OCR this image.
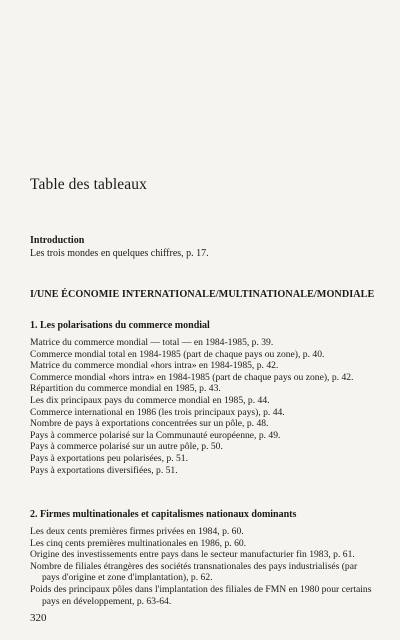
Table des tableaux
Introduction

Les trois mondes en quelques chiffres, p. 17.

I/UNE ÉCONOMIE INTERNATIONALE/MULTINATIONALE/MONDIALE
1. Les polarisations du commerce mondial
Matrice du commerce mondial — total — en 1984-1985, p. 39.
Commerce mondial total en 1984-1985 (part de chaque pays ou zone), p. 40.
Matrice du commerce mondial «hors intra» en 1984-1985, p. 42.
Commerce mondial «hors intra» en 1984-1985 (part de chaque pays ou zone), p. 42.
Répartition du commerce mondial en 1985, p. 43.
Les dix principaux pays du commerce mondial en 1985, p. 44.
Commerce international en 1986 (les trois principaux pays), p. 44.
Nombre de pays à exportations concentrées sur un pôle, p. 48.
Pays à commerce polarisé sur la Communauté européenne, p. 49.
Pays à commerce polarisé sur un autre pôle, p. 50.
Pays à exportations peu polarisées, p. 51.
Pays à exportations diversifiées, p. 51.
2. Firmes multinationales et capitalismes nationaux dominants
Les deux cents premières firmes privées en 1984, p. 60.
Les cinq cents premières multinationales en 1986, p. 60.
Origine des investissements entre pays dans le secteur manufacturier fin 1983, p. 61.
Nombre de filiales étrangères des sociétés transnationales des pays industrialisés (par pays d'origine et zone d'implantation), p. 62.
Poids des principaux pôles dans l'implantation des filiales de FMN en 1980 pour certains pays en développement, p. 63-64.

320
